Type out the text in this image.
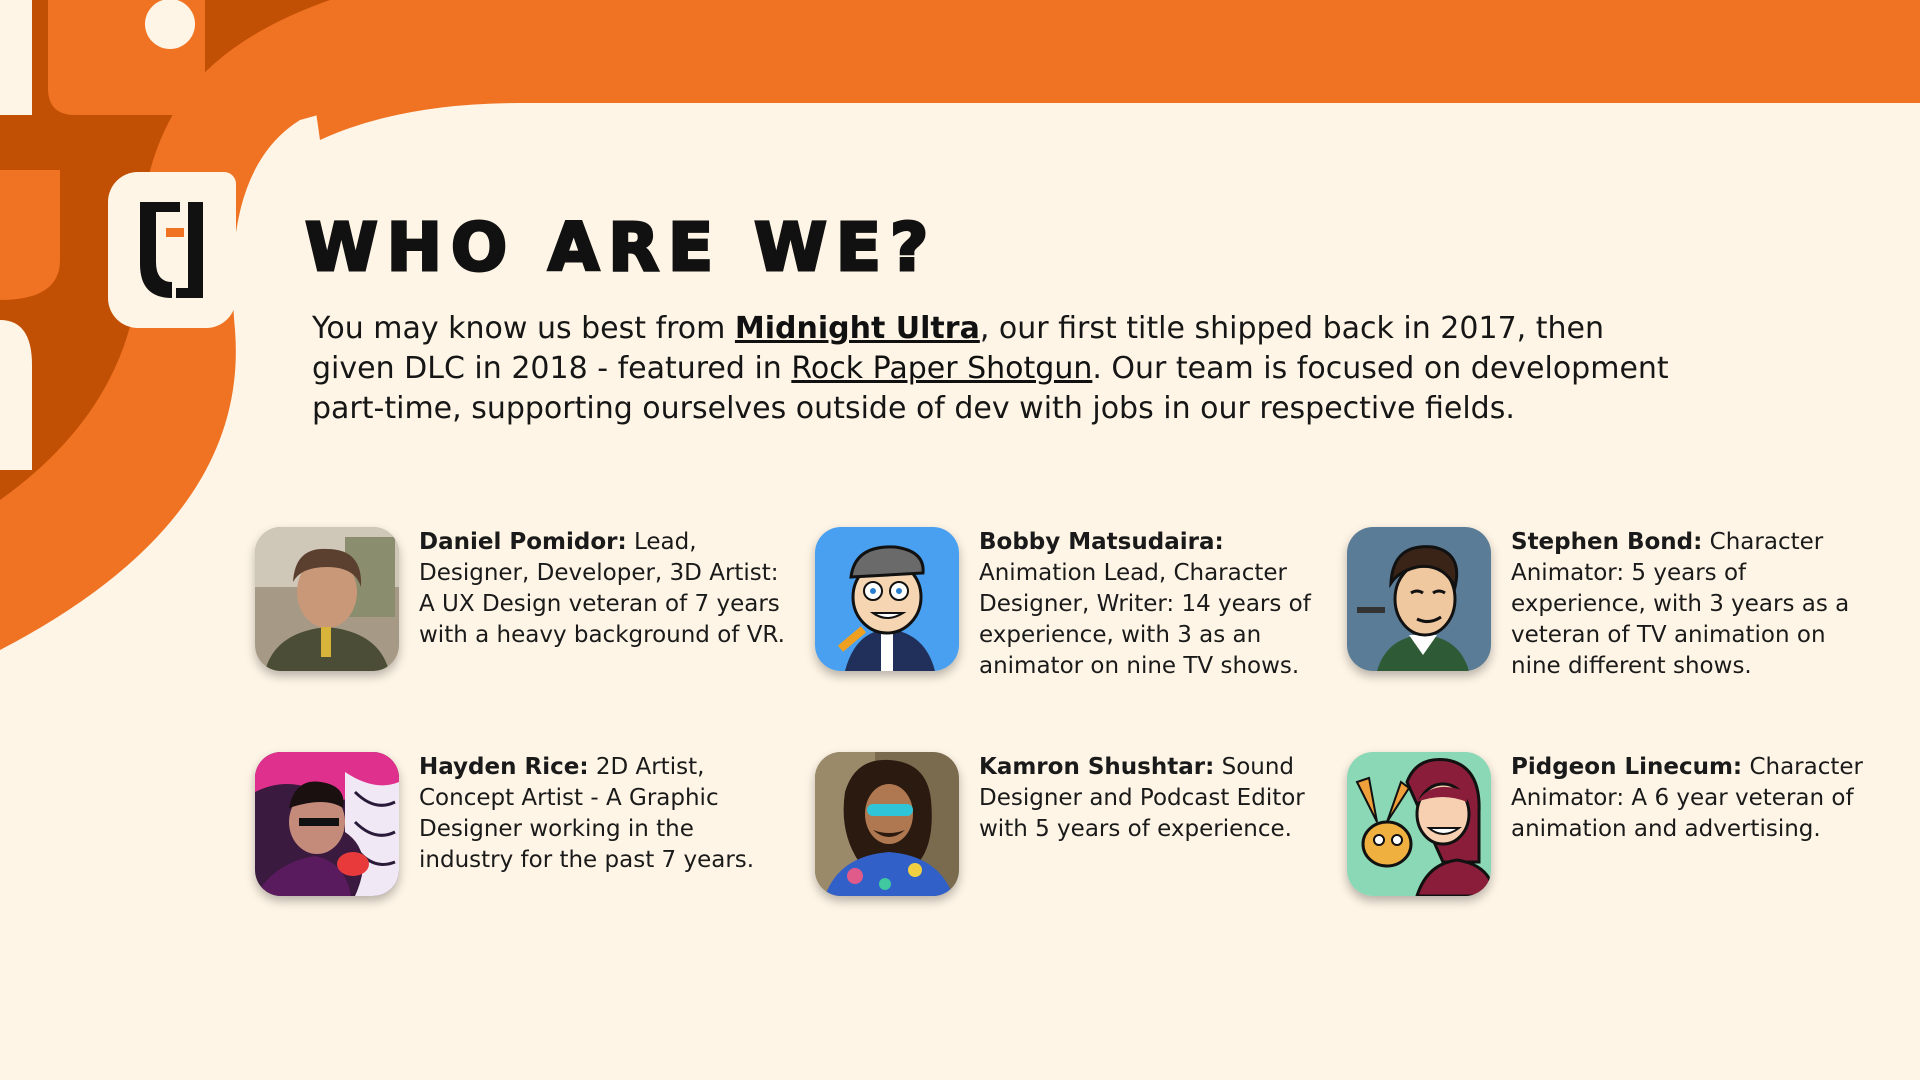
WHO ARE WE?

You may know us best from Midnight Ultra, our first title shipped back in 2017, then given DLC in 2018 - featured in Rock Paper Shotgun. Our team is focused on development part-time, supporting ourselves outside of dev with jobs in our respective fields.

Daniel Pomidor: Lead, Designer, Developer, 3D Artist: A UX Design veteran of 7 years with a heavy background of VR.

Bobby Matsudaira: Animation Lead, Character Designer, Writer: 14 years of experience, with 3 as an animator on nine TV shows.

Stephen Bond: Character Animator: 5 years of experience, with 3 years as a veteran of TV animation on nine different shows.

Hayden Rice: 2D Artist, Concept Artist - A Graphic Designer working in the industry for the past 7 years.

Kamron Shushtar: Sound Designer and Podcast Editor with 5 years of experience.

Pidgeon Linecum: Character Animator: A 6 year veteran of animation and advertising.
